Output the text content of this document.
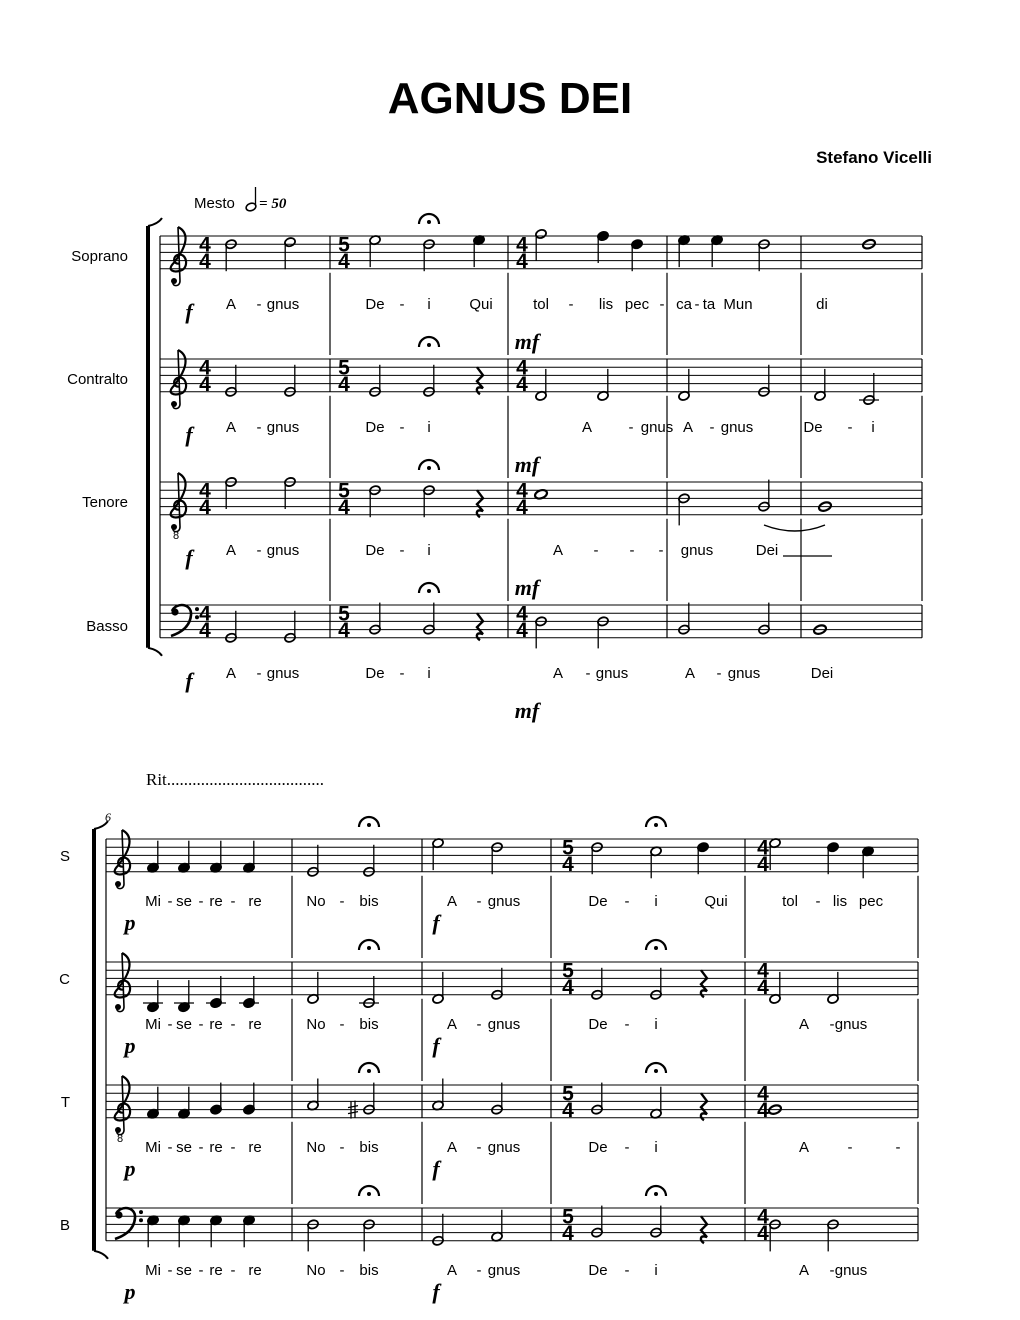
AGNUS DEI
Stefano Vicelli
Mesto = 50
Rit.....................................
Soprano
4
4
5
4
4
4
A - gnus	De - i	Qui	tol - lis pec - ca - ta Mun	di
f
mf
Contralto
4
4
5
4
4
4
A - gnus	De - i	A - gnus A - gnus	De - i
f
mf
Tenore
8
4
4
5
4
4
4
A - gnus	De - i	A - - - gnus	Dei
f
mf
Basso
4
4
5
4
4
4
A - gnus	De - i	A - gnus	A - gnus	Dei
f
mf
S	5
4
4
4
Mi - se - re - re	No - bis	A - gnus	De - i	Qui	tol - lis pec
p	f
C	5
4
4
4
Mi - se - re - re	No - bis	A - gnus	De - i	A - gnus
p	f
T
8
5
4
4
4
Mi - se - re - re	No - bis	A - gnus	De - i	A	-	-
p	f
B	5
4
4
4
Mi - se - re - re	No - bis	A - gnus	De - i	A - gnus
p	f
6
